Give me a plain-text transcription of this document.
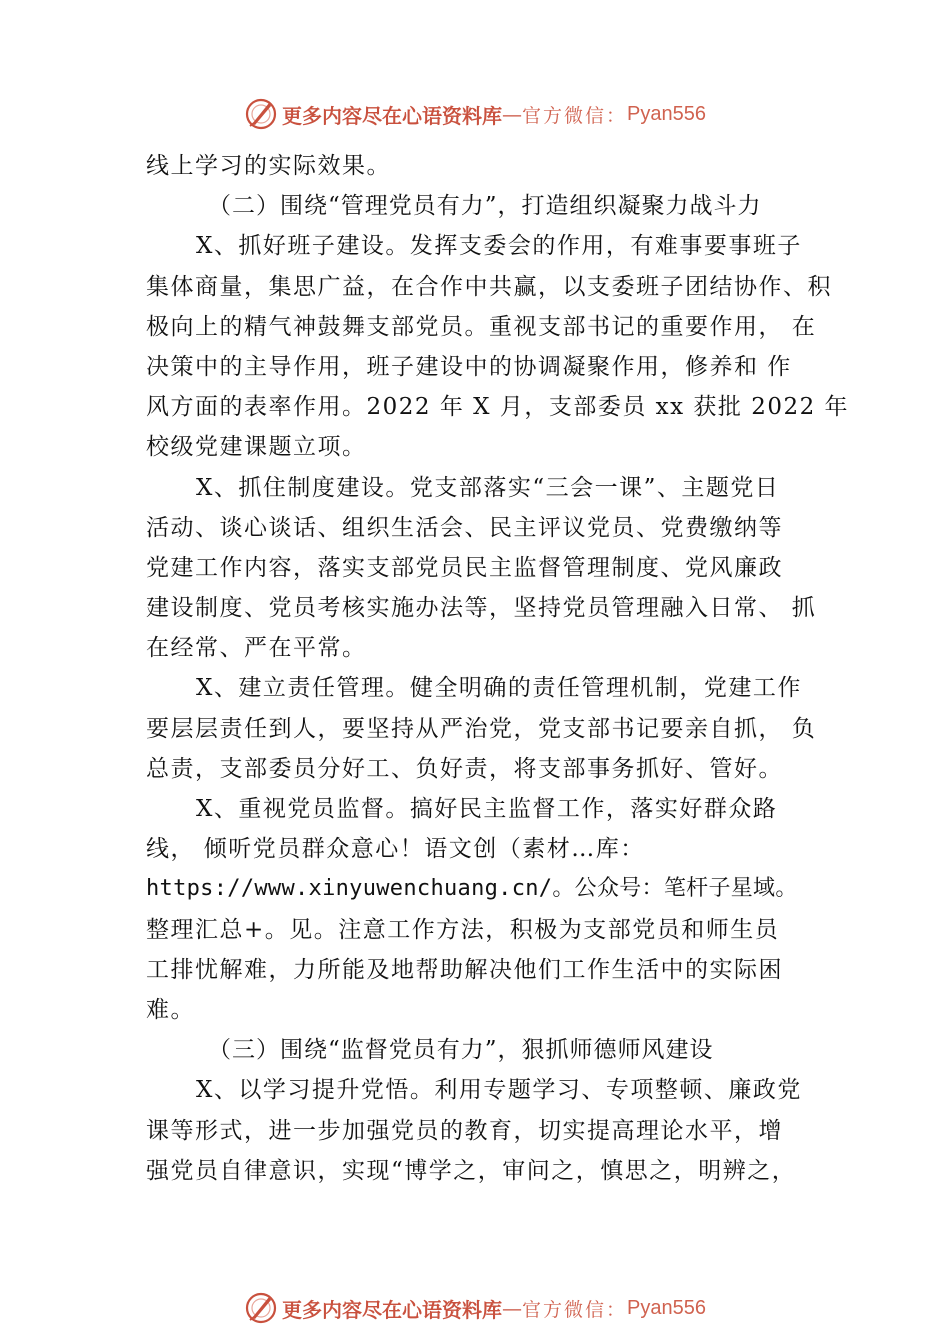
更多内容尽在心语资料库 — 官方微信： Pyan556
线上学习的实际效果。
（二）围绕“管理党员有力”，打造组织凝聚力战斗力
X、抓好班子建设。发挥支委会的作用，有难事要事班子
集体商量，集思广益，在合作中共赢，以支委班子团结协作、积
极向上的精气神鼓舞支部党员。重视支部书记的重要作用， 在
决策中的主导作用，班子建设中的协调凝聚作用，修养和 作
风方面的表率作用。2022 年 X 月，支部委员 xx 获批 2022 年
校级党建课题立项。
X、抓住制度建设。党支部落实“三会一课”、主题党日
活动、谈心谈话、组织生活会、民主评议党员、党费缴纳等
党建工作内容，落实支部党员民主监督管理制度、党风廉政
建设制度、党员考核实施办法等，坚持党员管理融入日常、 抓
在经常、严在平常。
X、建立责任管理。健全明确的责任管理机制，党建工作
要层层责任到人，要坚持从严治党，党支部书记要亲自抓， 负
总责，支部委员分好工、负好责，将支部事务抓好、管好。
X、重视党员监督。搞好民主监督工作，落实好群众路
线， 倾听党员群众意心！语文创（素材…库：
https://www.xinyuwenchuang.cn/。公众号：笔杆子星域。
整理汇总+。见。注意工作方法，积极为支部党员和师生员
工排忧解难，力所能及地帮助解决他们工作生活中的实际困
难。
（三）围绕“监督党员有力”，狠抓师德师风建设
X、以学习提升党悟。利用专题学习、专项整顿、廉政党
课等形式，进一步加强党员的教育，切实提高理论水平，增
强党员自律意识，实现“博学之，审问之，慎思之，明辨之，
更多内容尽在心语资料库 — 官方微信： Pyan556
